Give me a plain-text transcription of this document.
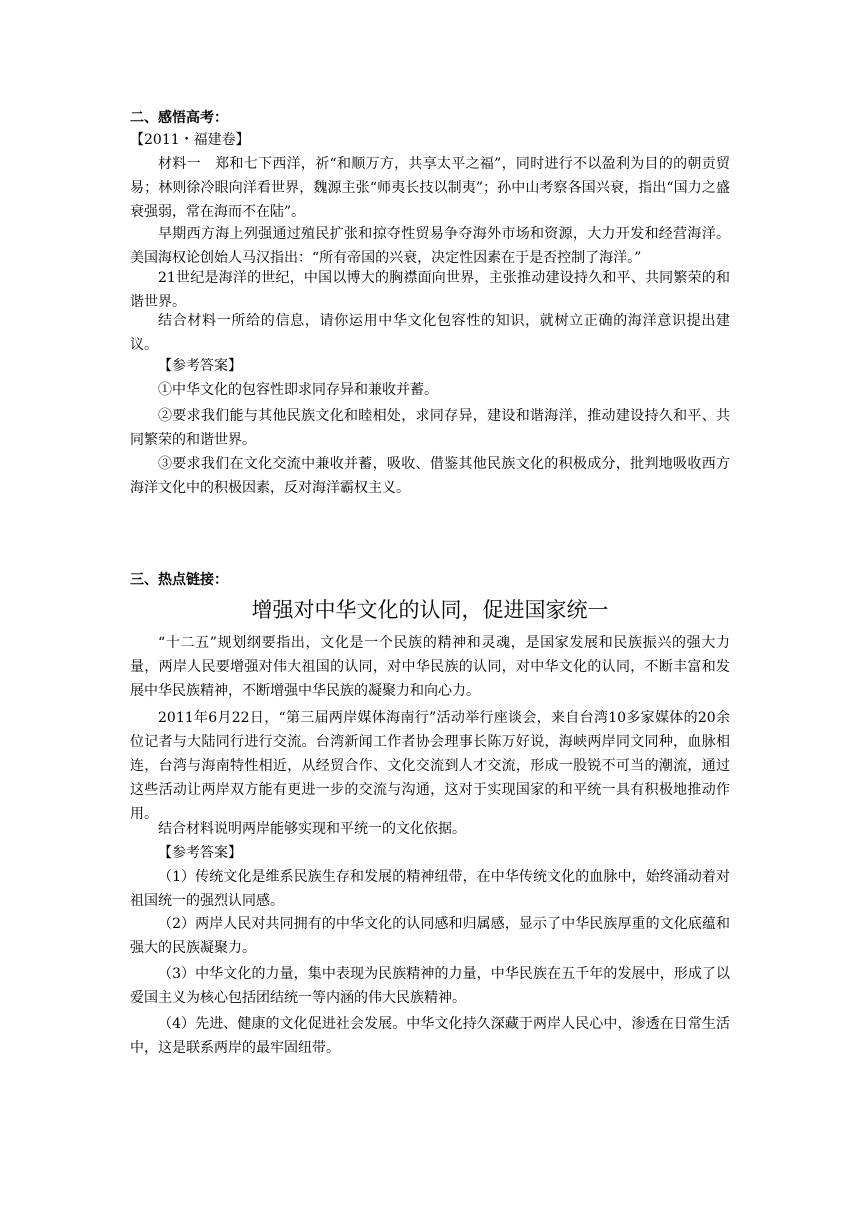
二、感悟高考：

【2011・福建卷】

材料一　郑和七下西洋，祈“和顺万方，共享太平之福”，同时进行不以盈利为目的的朝贡贸易；林则徐冷眼向洋看世界，魏源主张“师夷长技以制夷”；孙中山考察各国兴衰，指出“国力之盛衰强弱，常在海而不在陆”。

早期西方海上列强通过殖民扩张和掠夺性贸易争夺海外市场和资源，大力开发和经营海洋。美国海权论创始人马汉指出：“所有帝国的兴衰，决定性因素在于是否控制了海洋。”

21世纪是海洋的世纪，中国以博大的胸襟面向世界，主张推动建设持久和平、共同繁荣的和谐世界。

结合材料一所给的信息，请你运用中华文化包容性的知识，就树立正确的海洋意识提出建议。

【参考答案】

①中华文化的包容性即求同存异和兼收并蓄。

②要求我们能与其他民族文化和睦相处，求同存异，建设和谐海洋，推动建设持久和平、共同繁荣的和谐世界。

③要求我们在文化交流中兼收并蓄，吸收、借鉴其他民族文化的积极成分，批判地吸收西方海洋文化中的积极因素，反对海洋霸权主义。

三、热点链接：

增强对中华文化的认同，促进国家统一

“十二五”规划纲要指出，文化是一个民族的精神和灵魂，是国家发展和民族振兴的强大力量，两岸人民要增强对伟大祖国的认同，对中华民族的认同，对中华文化的认同，不断丰富和发展中华民族精神，不断增强中华民族的凝聚力和向心力。

2011年6月22日，“第三届两岸媒体海南行”活动举行座谈会，来自台湾10多家媒体的20余位记者与大陆同行进行交流。台湾新闻工作者协会理事长陈万好说，海峡两岸同文同种，血脉相连，台湾与海南特性相近，从经贸合作、文化交流到人才交流，形成一股锐不可当的潮流，通过这些活动让两岸双方能有更进一步的交流与沟通，这对于实现国家的和平统一具有积极地推动作用。

结合材料说明两岸能够实现和平统一的文化依据。

【参考答案】

（1）传统文化是维系民族生存和发展的精神纽带，在中华传统文化的血脉中，始终涌动着对祖国统一的强烈认同感。

（2）两岸人民对共同拥有的中华文化的认同感和归属感，显示了中华民族厚重的文化底蕴和强大的民族凝聚力。

（3）中华文化的力量，集中表现为民族精神的力量，中华民族在五千年的发展中，形成了以爱国主义为核心包括团结统一等内涵的伟大民族精神。

（4）先进、健康的文化促进社会发展。中华文化持久深藏于两岸人民心中，渗透在日常生活中，这是联系两岸的最牢固纽带。
